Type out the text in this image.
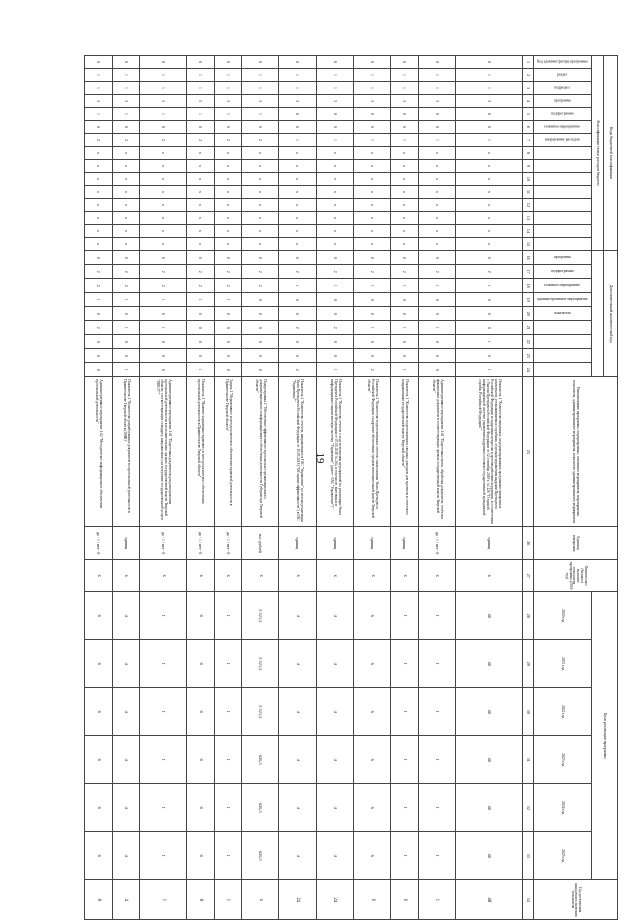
19
Коды бюджетной классификации															Дополнительный аналитический код									Наименование программы, подпрограммы, основного мероприятия, мероприятия, показателя, административного мероприятия, показателя административного мероприятия	Единица измерения	Фактическое (базовое) значение показателя программы (2019 год)	Цели реализации программы						Год достижения ожидаемого значения показателя	
Классификация статьи расходов бюджета																																		
Код администратора программы	раздел	подраздел	программа	подпрограмма	основное мероприятие	направление расходов									программа	подпрограмма	основное мероприятие	административное мероприятие	показатель								2020 год	2021 год	2022 год	2023 год	2024 год	2025 год		
1	2	3	4	5	6	7	8	9	10	11	12	13	14	15	16	17	18	19	20	21	22	23	24	25	26	27	28	29	30	31	32	33	34			
0	1	1	3	0	0	1	х	х	х	х	х	х	х	х	0	2	1	0	0	0	1	0	1	Показатель 1 "Количество введенных, модернизированных программно-аппаратных комплексов, устанавливаемых службами, отделами управления кадрами Президента Российской Федерации по кадровым вопросам и противодействию коррупции, в соответствии с Указом Президента Российской Федерации от 12 сентября 2019 г. № 426 "О единой информационной системе управления кадровым составом государственной гражданской службы Российской Федерации""	единиц	х	40	40	40	40	40	40	40	
0	1	1	3	0	0	1	х	х	х	х	х	х	х	х	0	2	1	0	0	1	0	0	0	Административное мероприятие 1.01 "Подготовка сметы, обработка документов, отчётов и финансовых документов в соответствующих органах государственной власти Тверской области"	да - 1 / нет - 0	х	1	1	1	1	1	1	1	
0	1	1	3	0	0	1	х	х	х	х	х	х	х	х	0	2	1	0	0	1	0	0	1	Показатель 1 "Количество подготовленных сводных докладов для проектов и отчетов по направлениям государственной власти Тверской области"	единиц	х	1	1	1	1	1	1	6	
0	1	1	3	0	0	1	х	х	х	х	х	х	х	х	0	2	1	0	0	1	0	0	2	Показатель 2 "Количество подготовленных отчетов о выполнении Указа Президента Российской Федерации о кадровом обеспечении органов исполнительной власти Тверской области"	единиц	х	6	6	6	6	6	6	6	
0	1	1	3	0	0	1	х	х	х	х	х	х	х	х	0	2	1	0	0	2	0	0	1	Показатель 3 "Количество отчетов о ходе исполнения мероприятий по реализации Указа Президента Российской Федерации от 07.05.2018 № 204, в том числе, внесенных в информационно-аналитическую систему "Управление" (далее - ГАС "Управление")"	единиц	х	4	4	4	4	4	4	24	
0	1	1	3	0	0	1	х	х	х	х	х	х	х	х	0	2	1	0	0	2	0	0	2	Показатель 4 "Количество отчетов, направленных в ГАС "Управление" по итогам реализации Указа Президента Российской Федерации от 15.05.2018 ("Об оценке эффективности") в ГАС "Управление""	единиц	х	4	4	4	4	4	4	24	
0	1	1	3	1	0	2	х	х	х	х	х	х	х	х	0	2	2	0	0	0	0	0	0	Подпрограмма 2 "Обеспечение эффективного протокольно-организационного, документационного и информационного обеспечения деятельности Губернатора Тверской области"	тыс. рублей	х	5 521,5	5 521,5	5 521,5	626,5	626,5	626,5	х	
0	1	1	3	1	0	2	х	х	х	х	х	х	х	х	0	2	2	1	0	0	0	0	0	Задача 1 "Нормативное и методологическое обеспечение правовой деятельности в Правительстве Тверской области"	да - 1 / нет - 0	х	1	1	1	1	1	1	1	
0	1	1	3	1	0	2	х	х	х	х	х	х	х	х	0	2	2	1	0	0	0	0	1	Показатель 1 "Наличие нормативно-правового и методологического обеспечения протокольной деятельности в Правительстве Тверской области"	да - 1 / нет - 0	х	0	0	0	0	0	0	0	
0	1	1	3	1	0	2	х	х	х	х	х	х	х	х	0	2	2	1	0	1	0	0	0	Административное мероприятие 1.01 "Подготовка документов для распоряжения протокольной деятельности в исполнительных органах государственной власти Тверской области, соответствующих стандарту, направленного на получение государственной услуги "ОМСУ""	да - 1 / нет - 0	х	1	1	1	1	1	1	1	
0	1	1	3	1	0	2	х	х	х	х	х	х	х	х	0	2	2	1	0	1	0	0	1	Показатель 1 "Количество разработанных документов по протокольной деятельности в Правительстве Тверской области (ОИВ)"	единиц	х	4	4	4	4	4	4	4	
0	1	1	3	1	0	2	х	х	х	х	х	х	х	х	0	2	2	1	0	2	0	0	0	Административное мероприятие 1.02 "Методическое информационное обеспечение протокольной деятельности"	да - 1 / нет - 0	х	0	0	0	0	0	0	0	
